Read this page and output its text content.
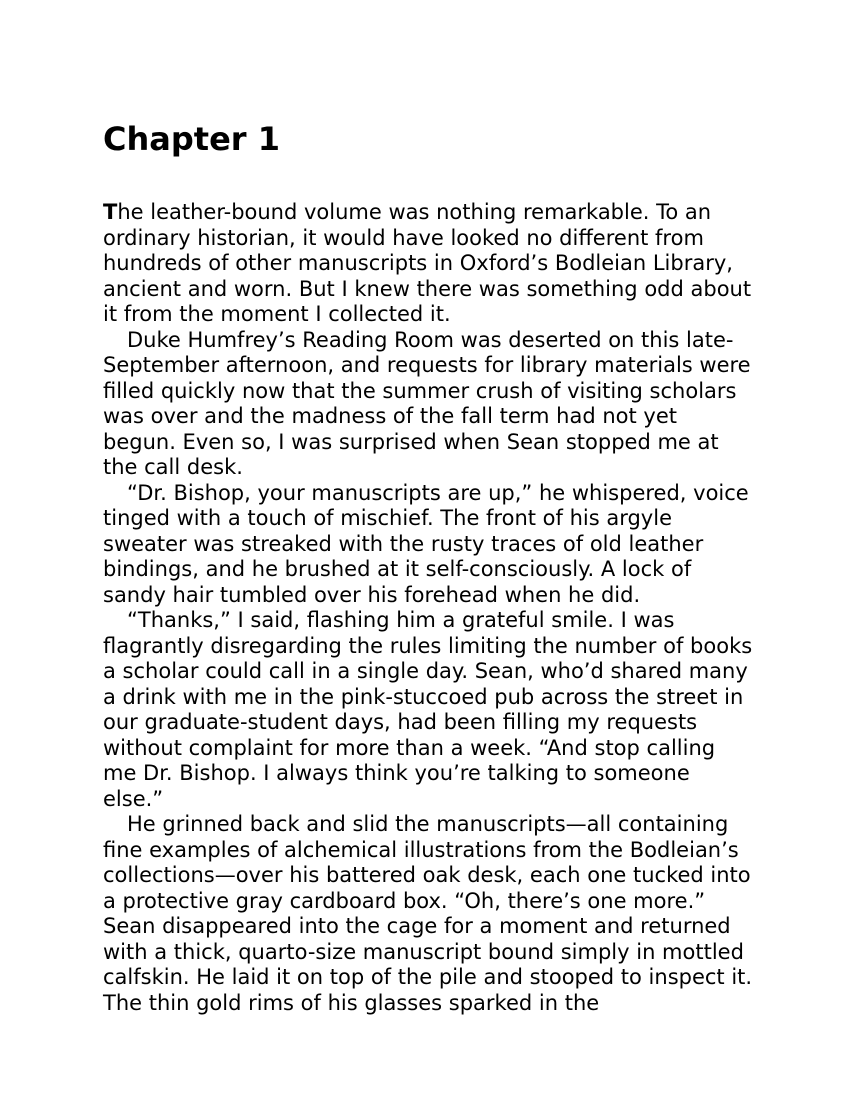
Chapter 1

The leather-bound volume was nothing remarkable. To an ordinary historian, it would have looked no different from hundreds of other manuscripts in Oxford’s Bodleian Library, ancient and worn. But I knew there was something odd about it from the moment I collected it.

Duke Humfrey’s Reading Room was deserted on this late-September afternoon, and requests for library materials were filled quickly now that the summer crush of visiting scholars was over and the madness of the fall term had not yet begun. Even so, I was surprised when Sean stopped me at the call desk.

“Dr. Bishop, your manuscripts are up,” he whispered, voice tinged with a touch of mischief. The front of his argyle sweater was streaked with the rusty traces of old leather bindings, and he brushed at it self-consciously. A lock of sandy hair tumbled over his forehead when he did.

“Thanks,” I said, flashing him a grateful smile. I was flagrantly disregarding the rules limiting the number of books a scholar could call in a single day. Sean, who’d shared many a drink with me in the pink-stuccoed pub across the street in our graduate-student days, had been filling my requests without complaint for more than a week. “And stop calling me Dr. Bishop. I always think you’re talking to someone else.”

He grinned back and slid the manuscripts—all containing fine examples of alchemical illustrations from the Bodleian’s collections—over his battered oak desk, each one tucked into a protective gray cardboard box. “Oh, there’s one more.” Sean disappeared into the cage for a moment and returned with a thick, quarto-size manuscript bound simply in mottled calfskin. He laid it on top of the pile and stooped to inspect it. The thin gold rims of his glasses sparked in the
